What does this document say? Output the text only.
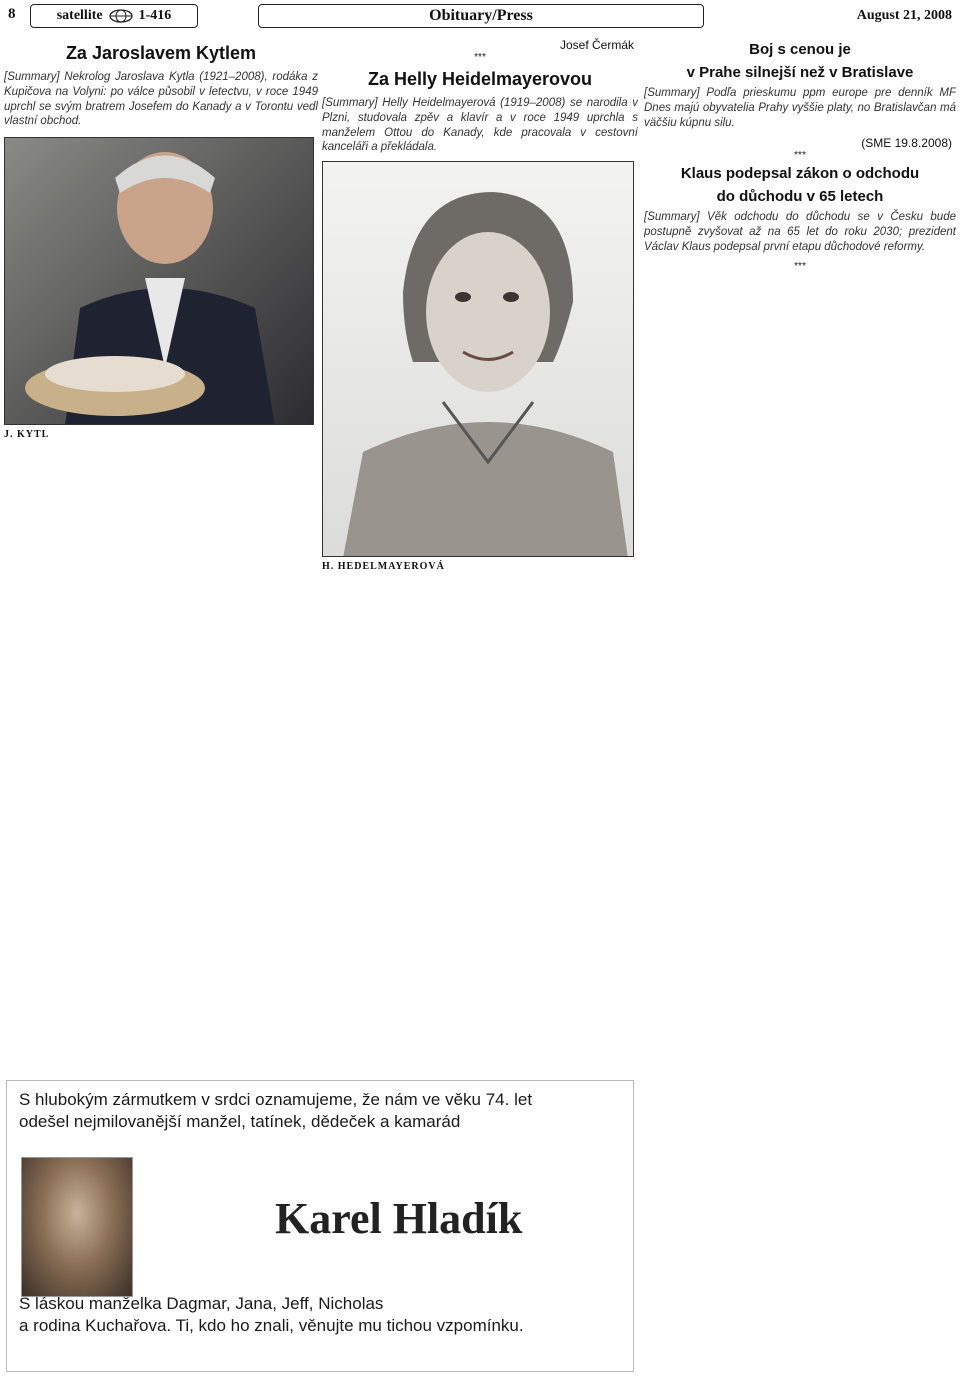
8	satellite	1-416	Obituary/Press	August 21, 2008
Za Jaroslavem Kytlem

[Summary] Nekrolog Jaroslava Kytla (1921–2008), rodáka z Kupičova na Volyni: po válce působil v letectvu, v roce 1949 uprchl se svým bratrem Josefem do Kanady a v Torontu vedl vlastní obchod.

J. KYTL
Josef Čermák
***
Za Helly Heidelmayerovou

[Summary] Helly Heidelmayerová (1919–2008) se narodila v Plzni, studovala zpěv a klavír a v roce 1949 uprchla s manželem Ottou do Kanady, kde pracovala v cestovní kanceláři a překládala.

H. HEDELMAYEROVÁ
Boj s cenou je
v Prahe silnejší než v Bratislave

[Summary] Podľa prieskumu ppm europe pre denník MF Dnes majú obyvatelia Prahy vyššie platy, no Bratislavčan má väčšiu kúpnu silu.

(SME 19.8.2008)
***
Klaus podepsal zákon o odchodu
do důchodu v 65 letech

[Summary] Věk odchodu do důchodu se v Česku bude postupně zvyšovat až na 65 let do roku 2030; prezident Václav Klaus podepsal první etapu důchodové reformy.

***
S hlubokým zármutkem v srdci oznamujeme, že nám ve věku 74. let
odešel nejmilovanější manžel, tatínek, dědeček a kamarád
Karel Hladík
S láskou manželka Dagmar, Jana, Jeff, Nicholas
a rodina Kuchařova. Ti, kdo ho znali, věnujte mu tichou vzpomínku.
